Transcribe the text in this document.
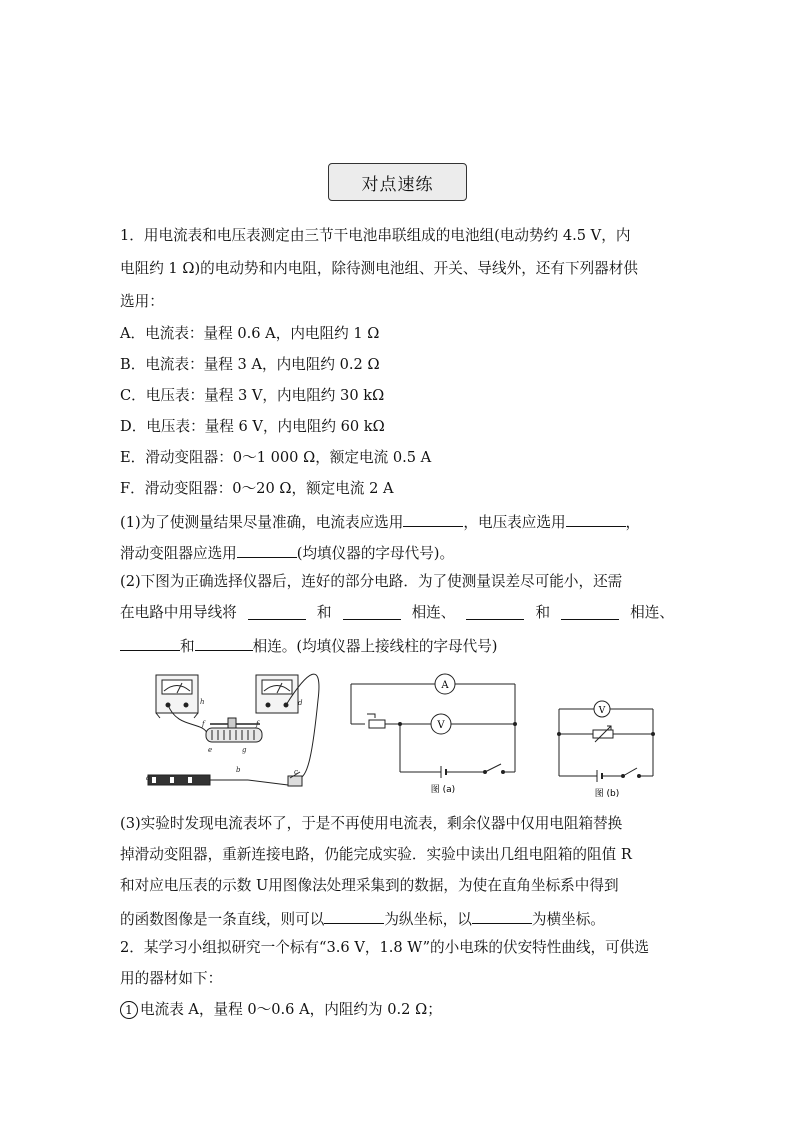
对点速练
1．用电流表和电压表测定由三节干电池串联组成的电池组(电动势约 4.5 V，内
电阻约 1 Ω)的电动势和内电阻，除待测电池组、开关、导线外，还有下列器材供
选用：
A．电流表：量程 0.6 A，内电阻约 1 Ω
B．电流表：量程 3 A，内电阻约 0.2 Ω
C．电压表：量程 3 V，内电阻约 30 kΩ
D．电压表：量程 6 V，内电阻约 60 kΩ
E．滑动变阻器：0～1 000 Ω，额定电流 0.5 A
F．滑动变阻器：0～20 Ω，额定电流 2 A
(1)为了使测量结果尽量准确，电流表应选用	，电压表应选用	，
滑动变阻器应选用	(均填仪器的字母代号)。
(2)下图为正确选择仪器后，连好的部分电路．为了使测量误差尽可能小，还需
在电路中用导线将	和	相连、	和	相连、
和	相连。(均填仪器上接线柱的字母代号)
a
b	c
d
e
f
g
h
f
A
V
图 (a)
V
图 (b)
(3)实验时发现电流表坏了，于是不再使用电流表，剩余仪器中仅用电阻箱替换
掉滑动变阻器，重新连接电路，仍能完成实验．实验中读出几组电阻箱的阻值 R
和对应电压表的示数 U用图像法处理采集到的数据，为使在直角坐标系中得到
的函数图像是一条直线，则可以	为纵坐标，以	为横坐标。
2．某学习小组拟研究一个标有“3.6 V，1.8 W”的小电珠的伏安特性曲线，可供选
用的器材如下：
1 电流表 A，量程 0～0.6 A，内阻约为 0.2 Ω；
